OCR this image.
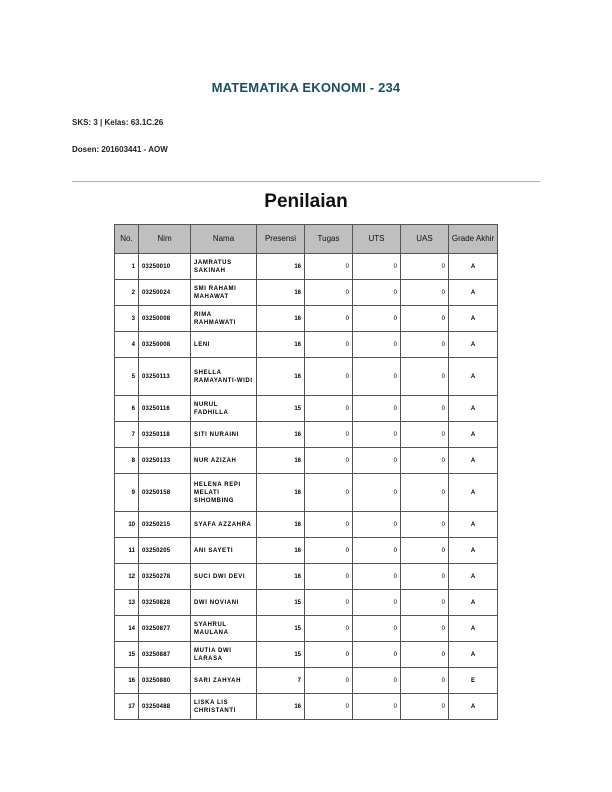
MATEMATIKA EKONOMI - 234
SKS: 3 | Kelas: 63.1C.26
Dosen: 201603441 - AOW
Penilaian
No.	Nim	Nama	Presensi	Tugas	UTS	UAS	Grade Akhir
1	03250010	JAMRATUS SAKINAH	16	0	0	0	A
2	03250024	SMI RAHAMI MAHAWAT	16	0	0	0	A
3	03250008	RIMA RAHMAWATI	16	0	0	0	A
4	03250008	LENI	16	0	0	0	A
5	03250113	SHELLA RAMAYANTI-WIDI	16	0	0	0	A
6	03250116	NURUL FADHILLA	15	0	0	0	A
7	03250118	SITI NURAINI	16	0	0	0	A
8	03250133	NUR AZIZAH	16	0	0	0	A
9	03250158	HELENA REPI MELATI SIHOMBING	16	0	0	0	A
10	03250215	SYAFA AZZAHRA	16	0	0	0	A
11	03250205	ANI SAYETI	16	0	0	0	A
12	03250278	SUCI DWI DEVI	16	0	0	0	A
13	03250828	DWI NOVIANI	15	0	0	0	A
14	03250877	SYAHRUL MAULANA	15	0	0	0	A
15	03250887	MUTIA DWI LARASA	15	0	0	0	A
16	03250880	SARI ZAHYAH	7	0	0	0	E
17	03250488	LISKA LIS CHRISTANTI	16	0	0	0	A
